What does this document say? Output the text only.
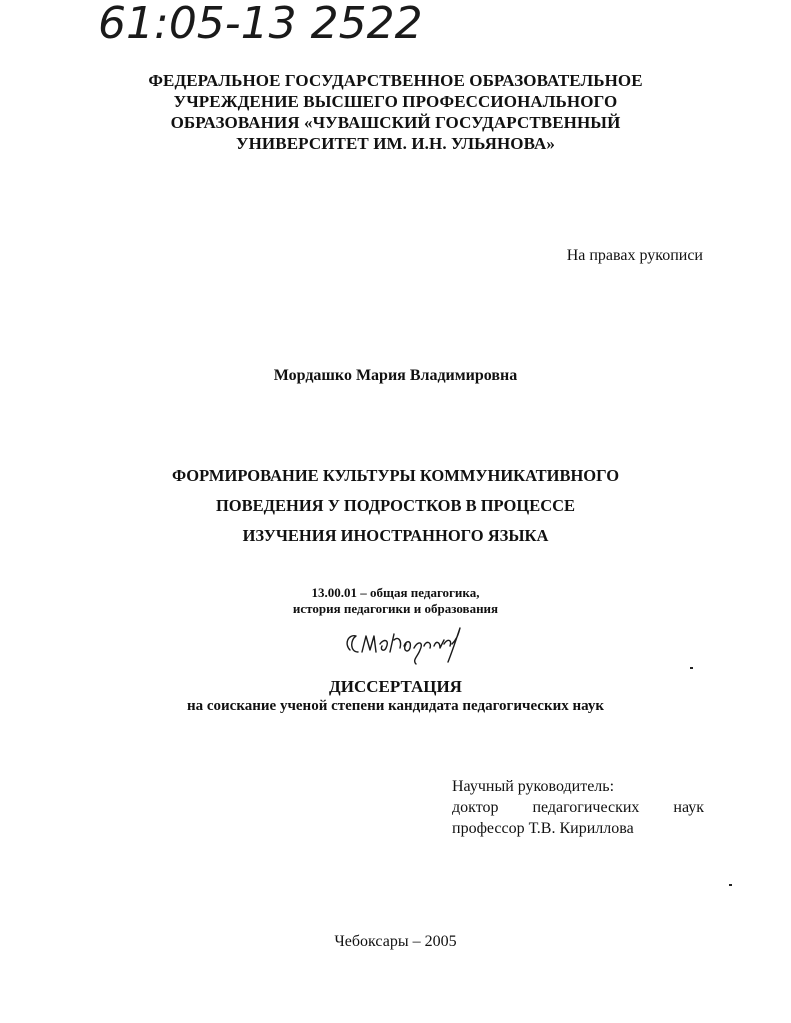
61:05-13 2522
ФЕДЕРАЛЬНОЕ ГОСУДАРСТВЕННОЕ ОБРАЗОВАТЕЛЬНОЕ
УЧРЕЖДЕНИЕ ВЫСШЕГО ПРОФЕССИОНАЛЬНОГО
ОБРАЗОВАНИЯ «ЧУВАШСКИЙ ГОСУДАРСТВЕННЫЙ
УНИВЕРСИТЕТ ИМ. И.Н. УЛЬЯНОВА»
На правах рукописи
Мордашко Мария Владимировна
ФОРМИРОВАНИЕ КУЛЬТУРЫ КОММУНИКАТИВНОГО
ПОВЕДЕНИЯ У ПОДРОСТКОВ В ПРОЦЕССЕ
ИЗУЧЕНИЯ ИНОСТРАННОГО ЯЗЫКА
13.00.01 – общая педагогика,
история педагогики и образования
ДИССЕРТАЦИЯ
на соискание ученой степени кандидата педагогических наук
Научный руководитель:
доктор педагогических наук
профессор Т.В. Кириллова
Чебоксары – 2005
